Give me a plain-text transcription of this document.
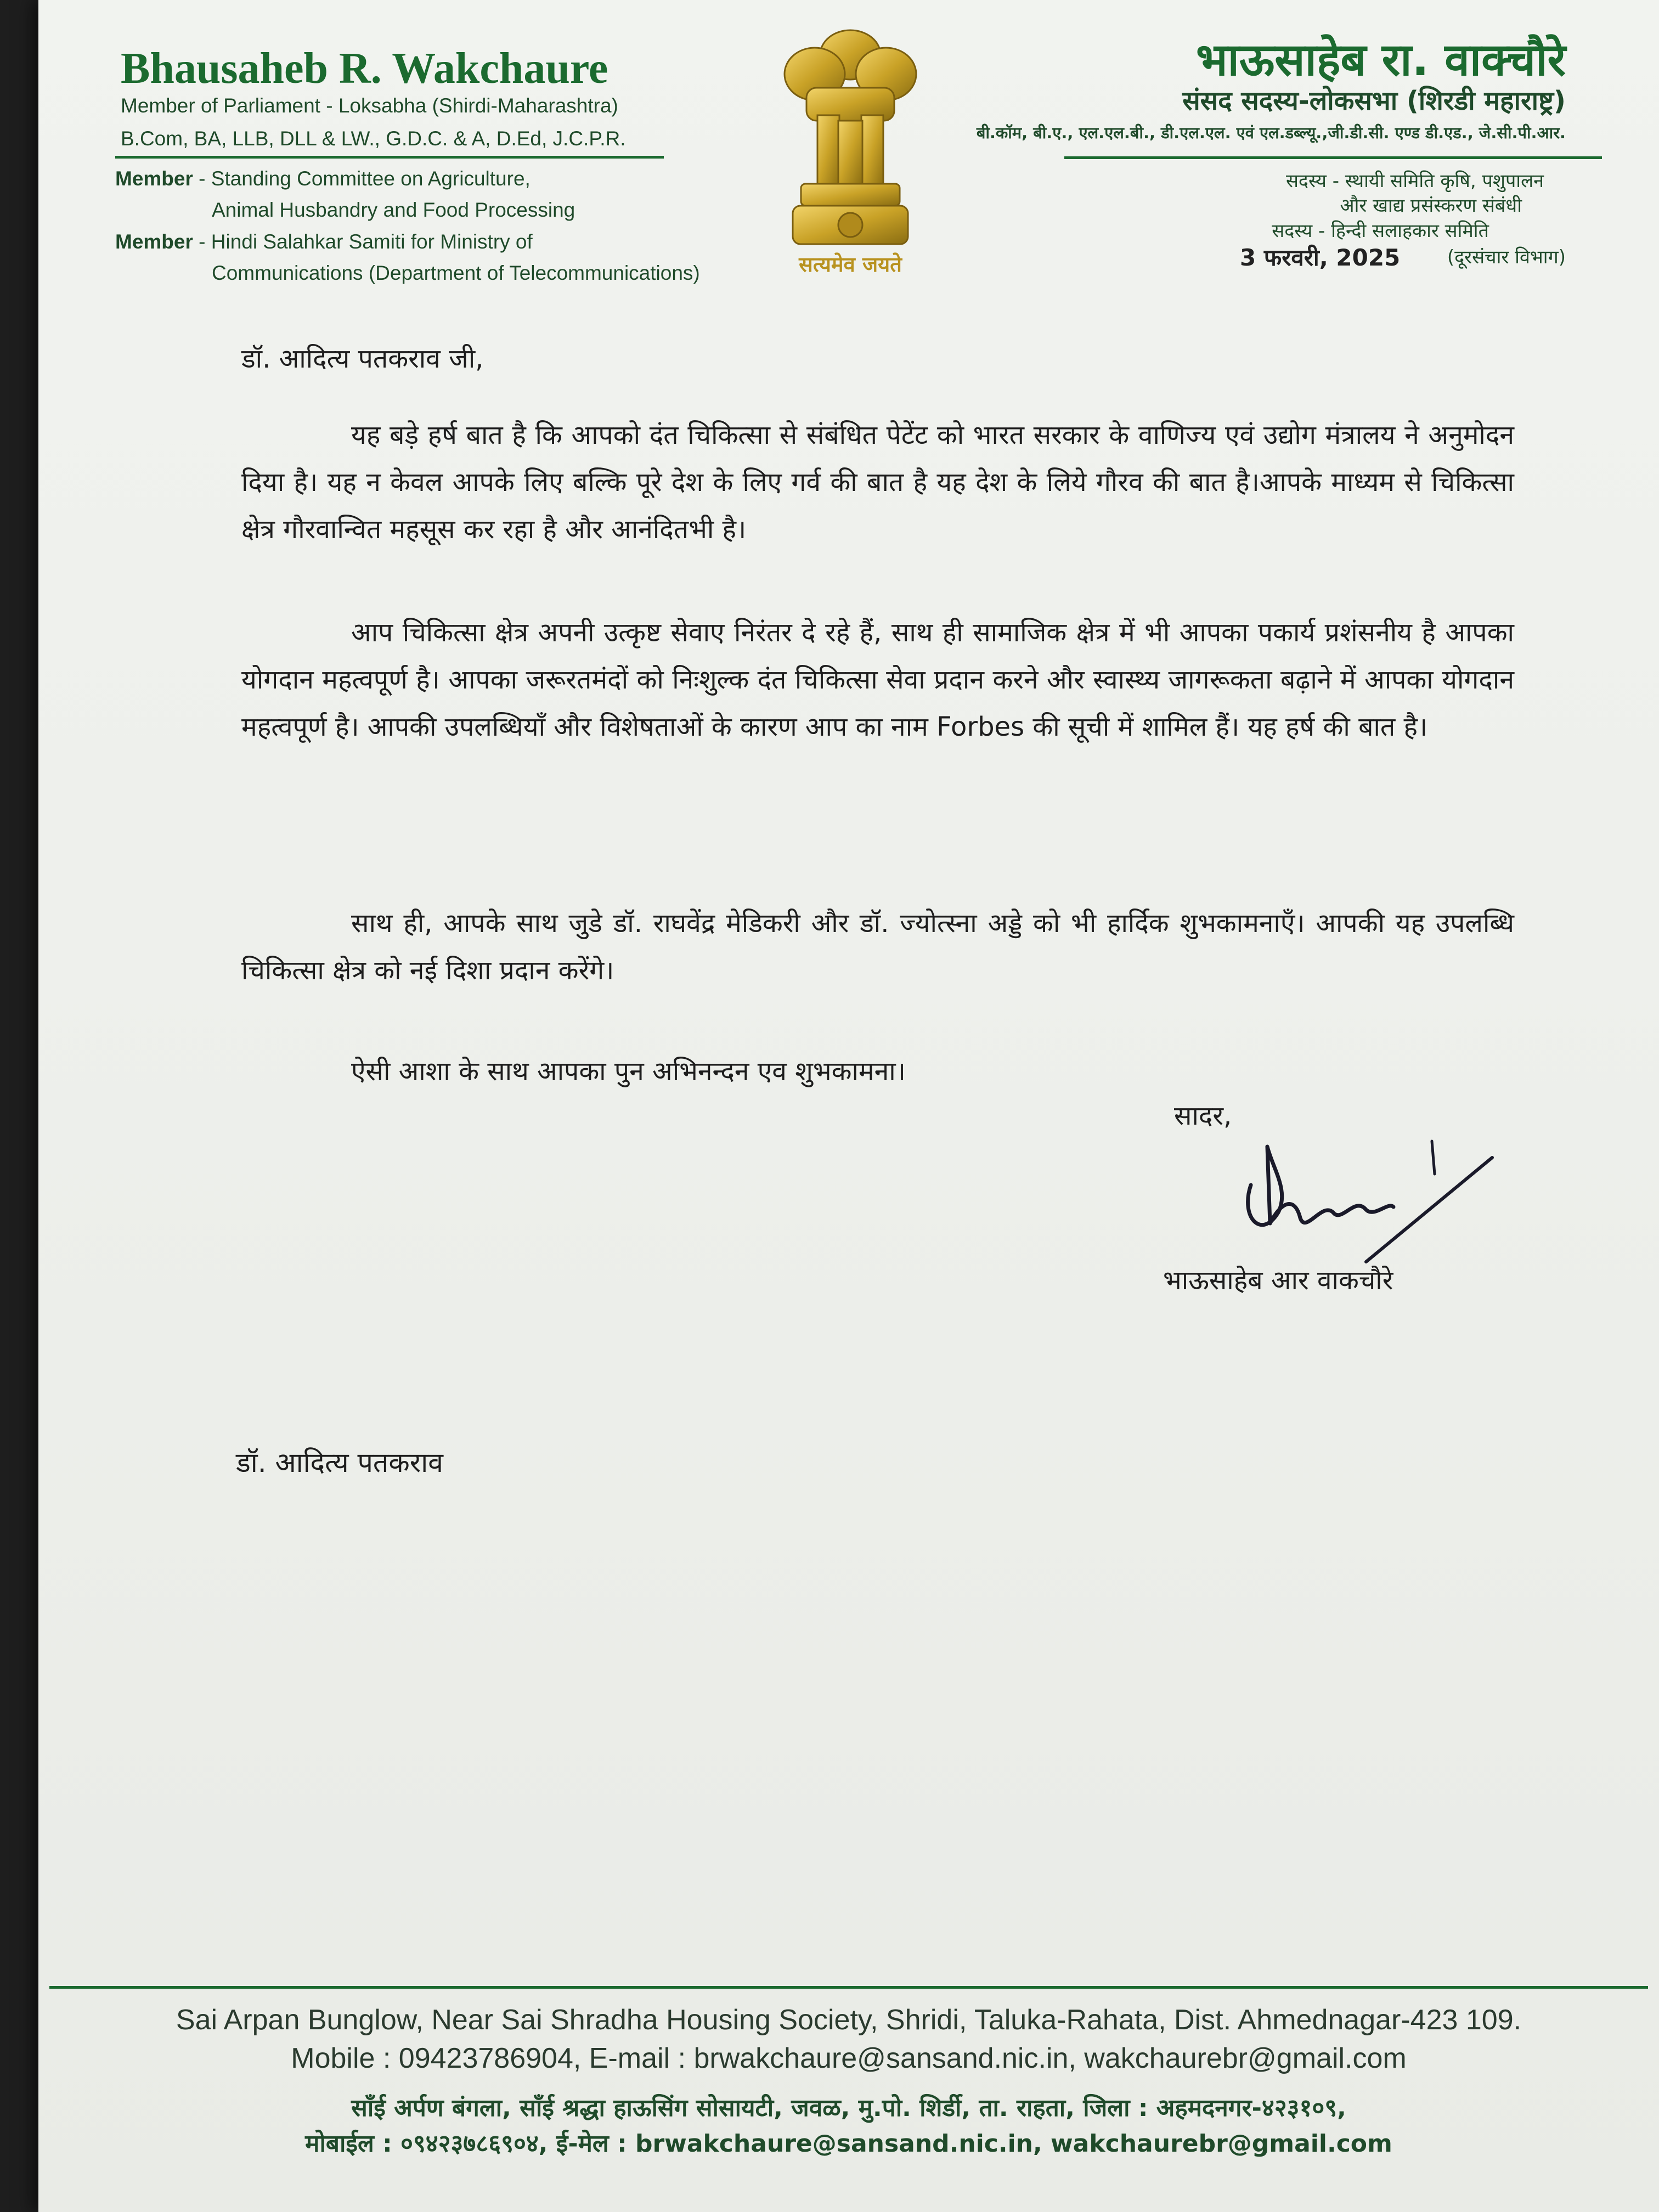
Bhausaheb R. Wakchaure
Member of Parliament - Loksabha (Shirdi-Maharashtra)
B.Com, BA, LLB, DLL & LW., G.D.C. & A, D.Ed, J.C.P.R.
Member - Standing Committee on Agriculture,
Animal Husbandry and Food Processing
Member - Hindi Salahkar Samiti for Ministry of
Communications (Department of Telecommunications)	सत्यमेव जयते
भाऊसाहेब रा. वाक्चौरे
संसद सदस्य-लोकसभा (शिरडी महाराष्ट्र)
बी.कॉम, बी.ए., एल.एल.बी., डी.एल.एल. एवं एल.डब्ल्यू.,जी.डी.सी. एण्ड डी.एड., जे.सी.पी.आर.
सदस्य - स्थायी समिति कृषि, पशुपालन
और खाद्य प्रसंस्करण संबंधी
सदस्य - हिन्दी सलाहकार समिति
(दूरसंचार विभाग)
3 फरवरी, 2025
डॉ. आदित्य पतकराव जी,
यह बड़े हर्ष बात है कि आपको दंत चिकित्सा से संबंधित पेटेंट को भारत सरकार के वाणिज्य एवं उद्योग मंत्रालय ने अनुमोदन दिया है। यह न केवल आपके लिए बल्कि पूरे देश के लिए गर्व की बात है यह देश के लिये गौरव की बात है।आपके माध्यम से चिकित्सा क्षेत्र गौरवान्वित महसूस कर रहा है और आनंदितभी है।
आप चिकित्सा क्षेत्र अपनी उत्कृष्ट सेवाए निरंतर दे रहे हैं, साथ ही सामाजिक क्षेत्र में भी आपका पकार्य प्रशंसनीय है आपका योगदान महत्वपूर्ण है। आपका जरूरतमंदों को निःशुल्क दंत चिकित्सा सेवा प्रदान करने और स्वास्थ्य जागरूकता बढ़ाने में आपका योगदान महत्वपूर्ण है। आपकी उपलब्धियाँ और विशेषताओं के कारण आप का नाम Forbes की सूची में शामिल हैं। यह हर्ष की बात है।
साथ ही, आपके साथ जुडे डॉ. राघवेंद्र मेडिकरी और डॉ. ज्योत्स्ना अड्डे को भी हार्दिक शुभकामनाएँ। आपकी यह उपलब्धि चिकित्सा क्षेत्र को नई दिशा प्रदान करेंगे।
ऐसी आशा के साथ आपका पुन अभिनन्दन एव शुभकामना।
सादर,
भाऊसाहेब आर वाकचौरे
डॉ. आदित्य पतकराव
Sai Arpan Bunglow, Near Sai Shradha Housing Society, Shridi, Taluka-Rahata, Dist. Ahmednagar-423 109.
Mobile : 09423786904, E-mail : brwakchaure@sansand.nic.in, wakchaurebr@gmail.com
साँई अर्पण बंगला, साँई श्रद्धा हाऊसिंग सोसायटी, जवळ, मु.पो. शिर्डी, ता. राहता, जिला : अहमदनगर-४२३१०९,
मोबाईल : ०९४२३७८६९०४, ई-मेल : brwakchaure@sansand.nic.in, wakchaurebr@gmail.com
